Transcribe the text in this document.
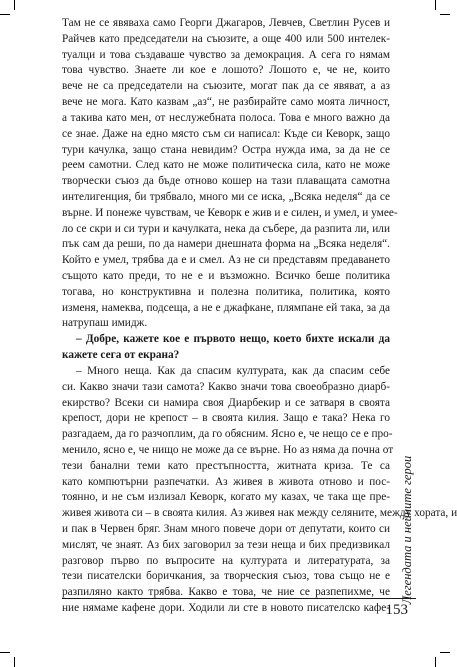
Там не се явяваха само Георги Джагаров, Левчев, Светлин Русев и
Райчев като председатели на съюзите, а още 400 или 500 интелек-
туалци и това създаваше чувство за демокрация. А сега го нямам
това чувство. Знаете ли кое е лошото? Лошото е, че не, които
вече не са председатели на съюзите, могат пак да се явяват, а аз
вече не мога. Като казвам „аз“, не разбирайте само моята личност,
а такива като мен, от неслужебната полоса. Това е много важно да
се знае. Даже на едно място съм си написал: Къде си Кеворк, защо
тури качулка, защо стана невидим? Остра нужда има, за да не се
реем самотни. След като не може политическа сила, като не може
творчески съюз да бъде отново кошер на тази плаващата самотна
интелигенция, би трябвало, много ми се иска, „Всяка неделя“ да се
върне. И понеже чувствам, че Кеворк е жив и е силен, и умел, и умее-
ло се скри и си тури и качулката, нека да събере, да разпита ли, или
пък сам да реши, по да намери днешната форма на „Всяка неделя“.
Който е умел, трябва да е и смел. Аз не си представям предаването
същото като преди, то не е и възможно. Всичко беше политика
тогава, но конструктивна и полезна политика, политика, която
изменя, намеква, подсеща, а не е джафкане, плямпане ей така, за да
натрупаш имидж.
– Добре, кажете кое е първото нещо, което бихте искали да
кажете сега от екрана?
– Много неща. Как да спасим културата, как да спасим себе
си. Какво значи тази самота? Какво значи това своеобразно диарб-
екирство? Всеки си намира своя Диарбекир и се затваря в своята
крепост, дори не крепост – в своята килия. Защо е така? Нека го
разгадаем, да го разчоплим, да го обясним. Ясно е, че нещо се е про-
менило, ясно е, че нищо не може да се върне. Но аз няма да почна от
тези банални теми като престъпността, житната криза. Те са
като компютърни разпечатки. Аз живея в живота отново и пос-
тоянно, и не съм излизал Кеворк, когато му казах, че така ще пре-
живея живота си – в своята килия. Аз живея нак между селяните, между хората, и
и пак в Червен бряг. Знам много повече дори от депутати, които си
мислят, че знаят. Аз бих заговорил за тези неща и бих предизвикал
разговор първо по въпросите на културата и литературата, за
тези писателски боричкания, за творческия съюз, това също не е
разпиляно както трябва. Какво е това, че ние се разпепихме, че
ние нямаме кафене дори. Ходили ли сте в новото писателско кафе-
Легендата и нейните герои
153
